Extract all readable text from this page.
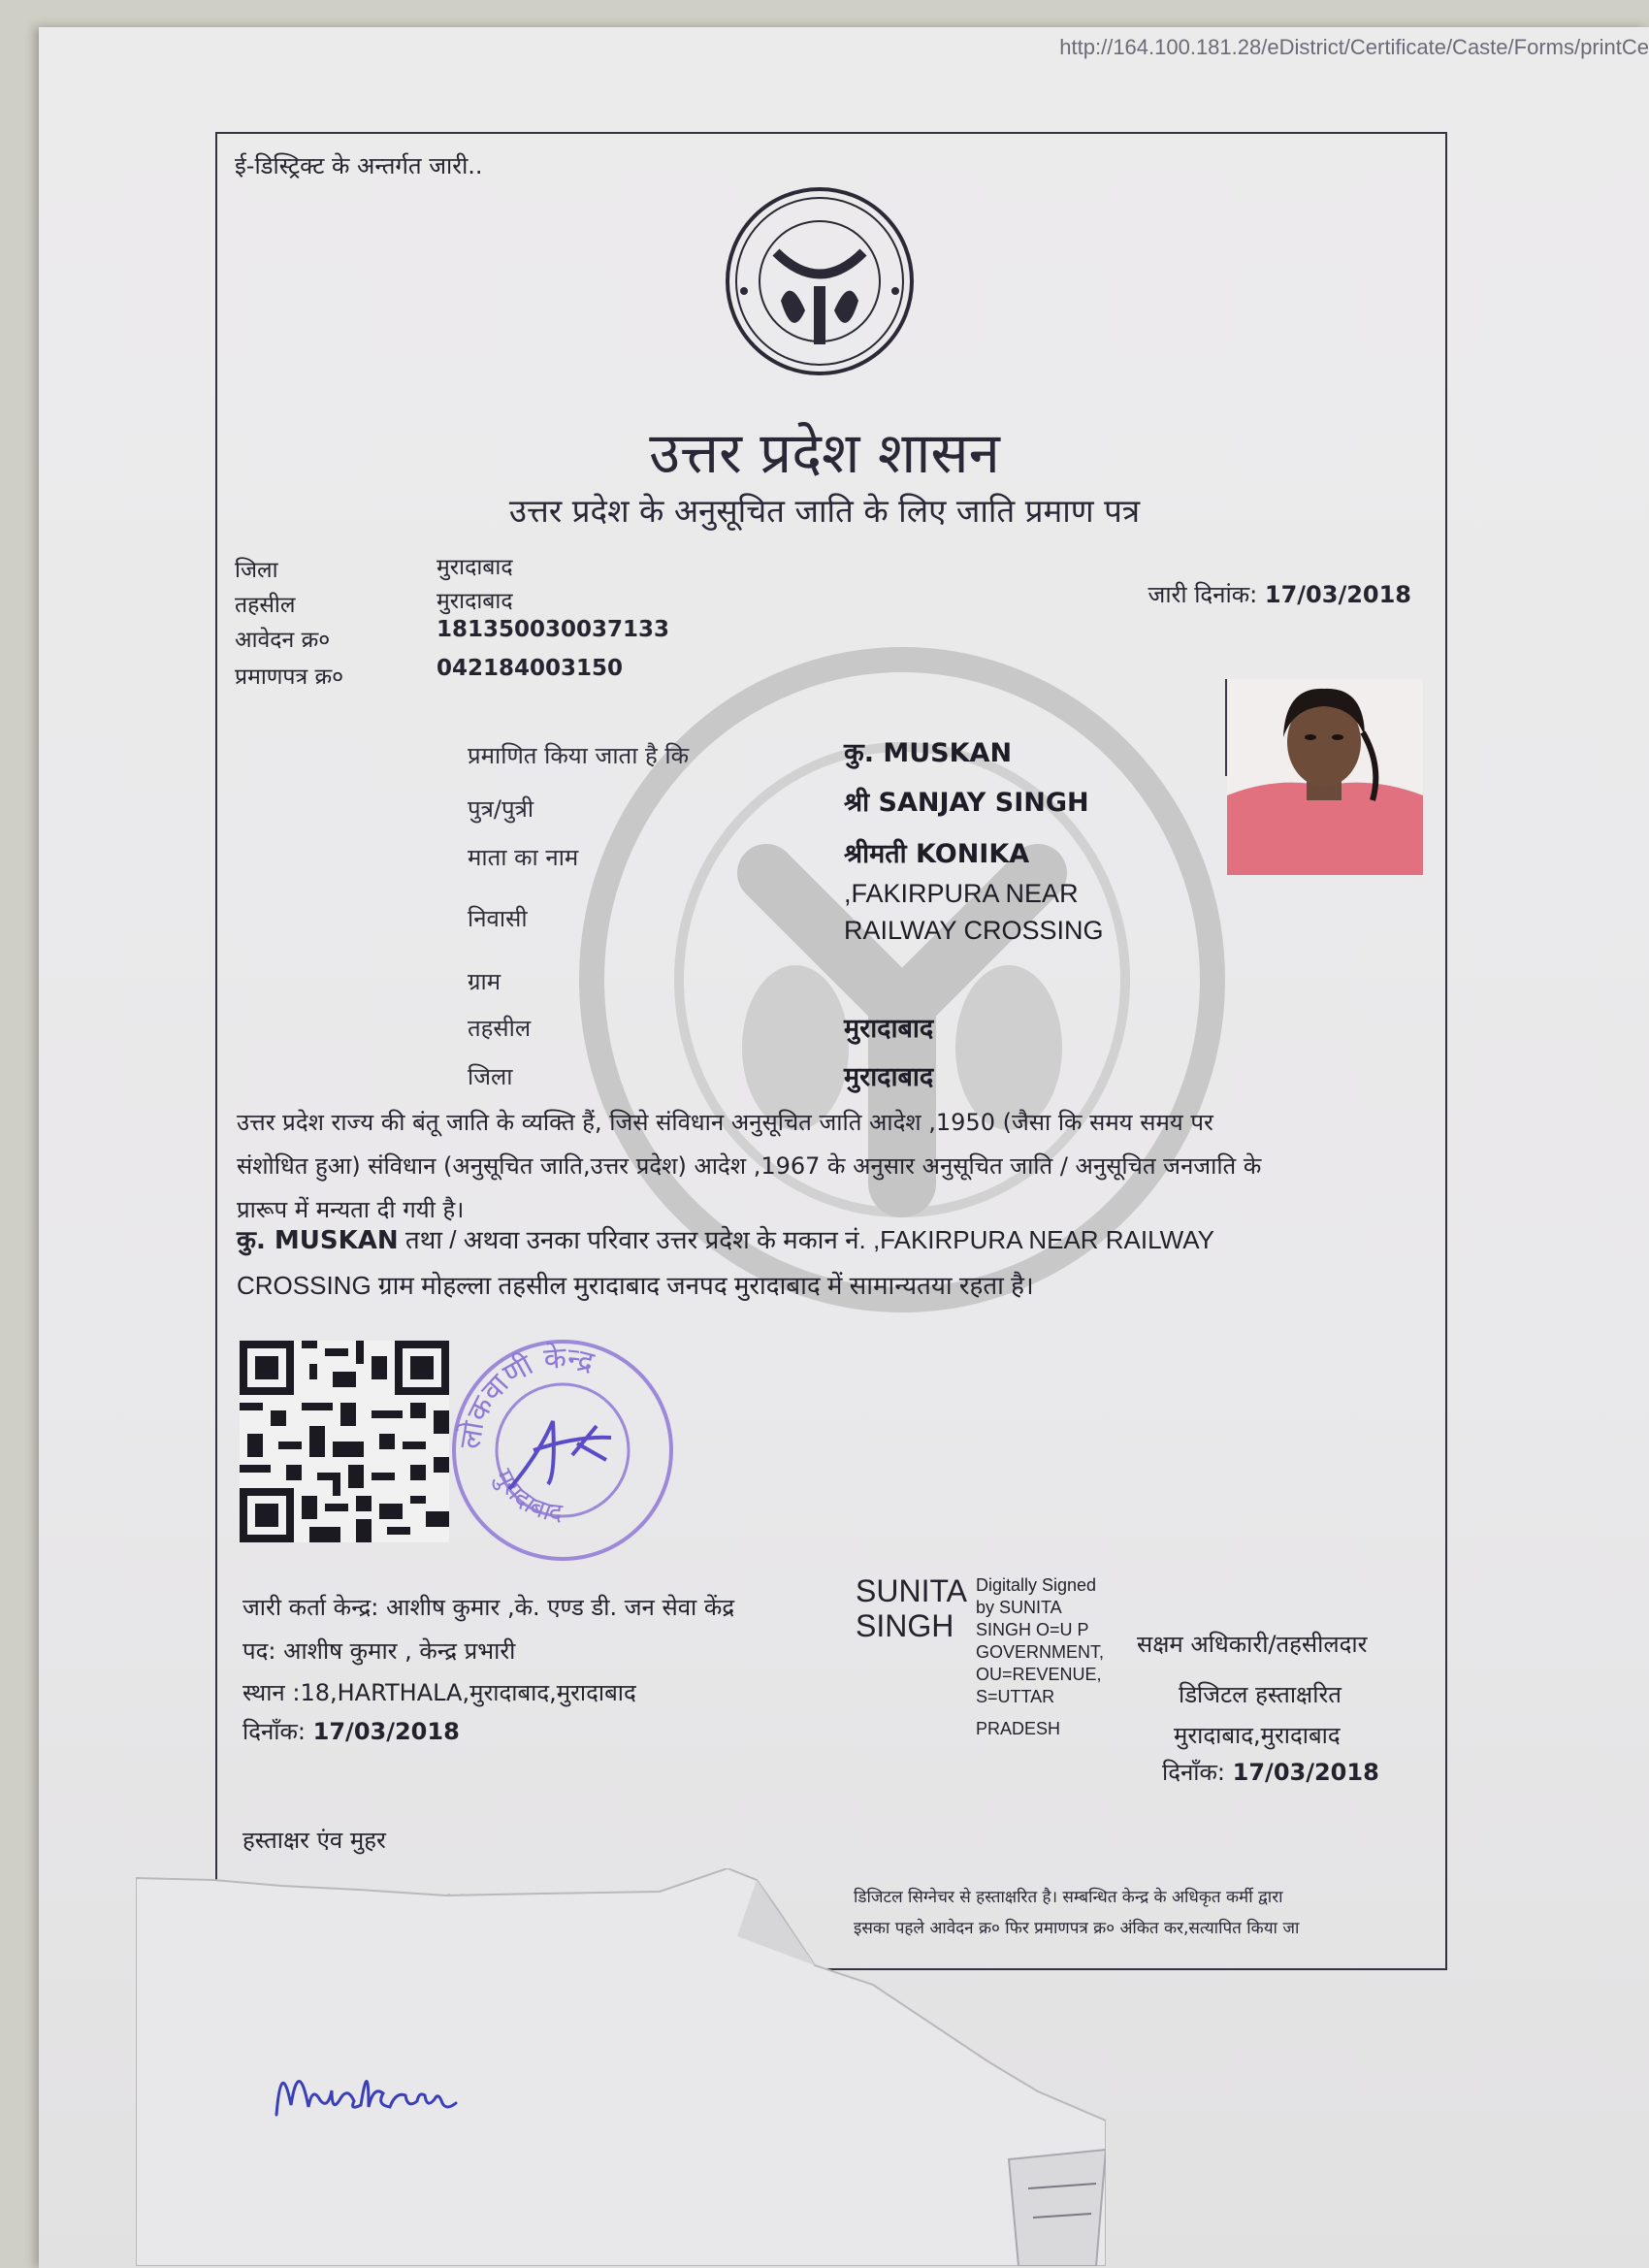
http://164.100.181.28/eDistrict/Certificate/Caste/Forms/printCe
ई-डिस्ट्रिक्ट के अन्तर्गत जारी..
उत्तर प्रदेश शासन
उत्तर प्रदेश के अनुसूचित जाति के लिए जाति प्रमाण पत्र
जिला	मुरादाबाद
तहसील	मुरादाबाद
आवेदन क्र०	181350030037133
प्रमाणपत्र क्र०	042184003150
जारी दिनांक: 17/03/2018
प्रमाणित किया जाता है कि	कु. MUSKAN
पुत्र/पुत्री	श्री SANJAY SINGH
माता का नाम	श्रीमती KONIKA
निवासी
,FAKIRPURA NEAR
RAILWAY CROSSING
ग्राम
तहसील	मुरादाबाद
जिला	मुरादाबाद
उत्तर प्रदेश राज्य की बंतू जाति के व्यक्ति हैं, जिसे संविधान अनुसूचित जाति आदेश ,1950 (जैसा कि समय समय पर
संशोधित हुआ) संविधान (अनुसूचित जाति,उत्तर प्रदेश) आदेश ,1967 के अनुसार अनुसूचित जाति / अनुसूचित जनजाति के
प्रारूप में मन्यता दी गयी है।
कु. MUSKAN तथा / अथवा उनका परिवार उत्तर प्रदेश के मकान नं. ,FAKIRPURA NEAR RAILWAY
CROSSING ग्राम मोहल्ला तहसील मुरादाबाद जनपद मुरादाबाद में सामान्यतया रहता है।
लोकवाणी केन्द्र
मुरादाबाद
जारी कर्ता केन्द्र: आशीष कुमार ,के. एण्ड डी. जन सेवा केंद्र
पद: आशीष कुमार , केन्द्र प्रभारी
स्थान :18,HARTHALA,मुरादाबाद,मुरादाबाद
दिनाँक: 17/03/2018
SUNITA
SINGH
Digitally Signed
by SUNITA
SINGH O=U P
GOVERNMENT,
OU=REVENUE,
S=UTTAR
PRADESH
सक्षम अधिकारी/तहसीलदार
डिजिटल हस्ताक्षरित
मुरादाबाद,मुरादाबाद
दिनाँक: 17/03/2018
हस्ताक्षर एंव मुहर
डिजिटल सिग्नेचर से हस्ताक्षरित है। सम्बन्धित केन्द्र के अधिकृत कर्मी द्वारा
इसका पहले आवेदन क्र० फिर प्रमाणपत्र क्र० अंकित कर,सत्यापित किया जा
